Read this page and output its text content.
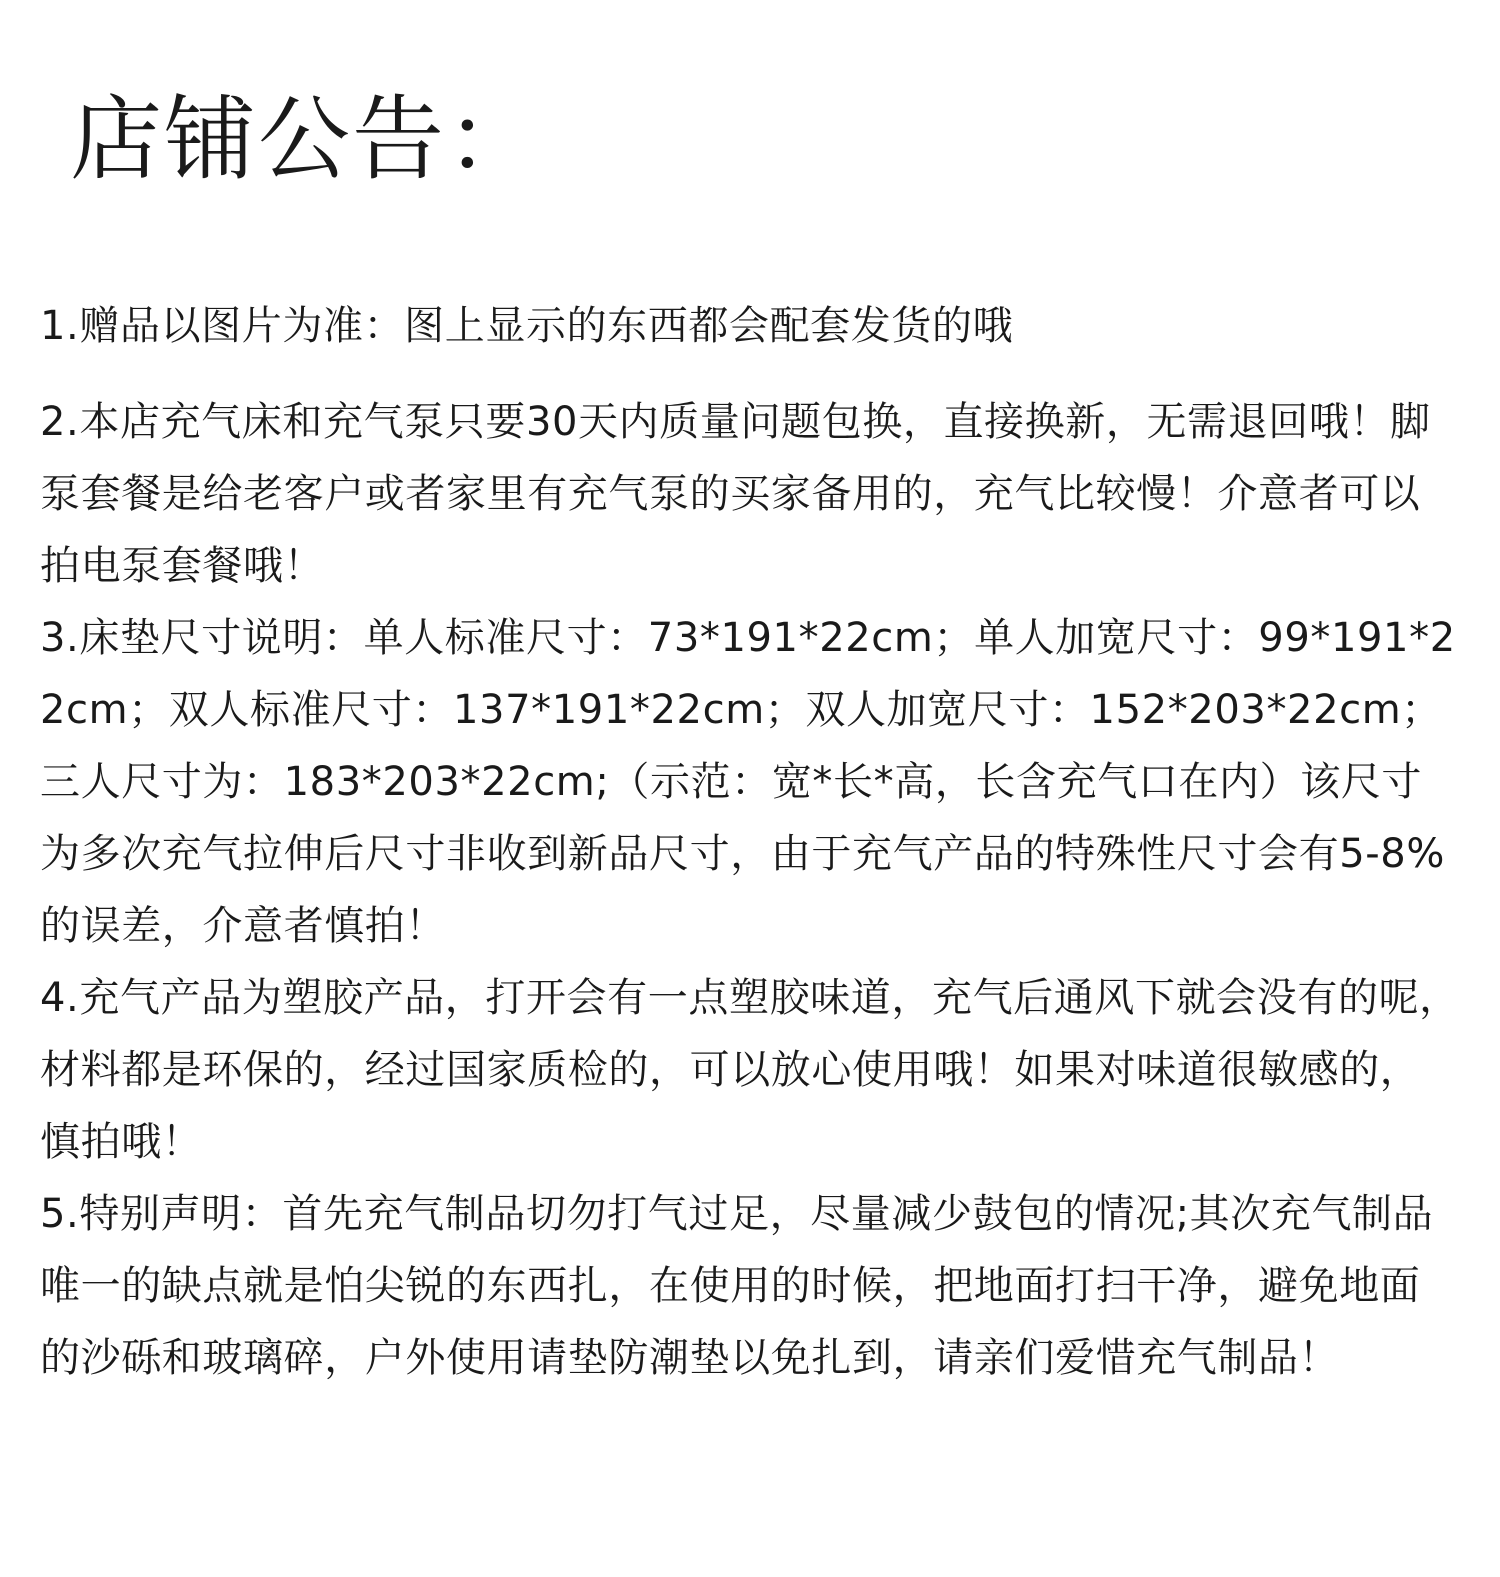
店铺公告：
1.赠品以图片为准：图上显示的东西都会配套发货的哦
2.本店充气床和充气泵只要30天内质量问题包换，直接换新，无需退回哦！脚泵套餐是给老客户或者家里有充气泵的买家备用的，充气比较慢！介意者可以拍电泵套餐哦！
3.床垫尺寸说明：单人标准尺寸：73*191*22cm；单人加宽尺寸：99*191*22cm；双人标准尺寸：137*191*22cm；双人加宽尺寸：152*203*22cm；三人尺寸为：183*203*22cm;（示范：宽*长*高，长含充气口在内）该尺寸为多次充气拉伸后尺寸非收到新品尺寸，由于充气产品的特殊性尺寸会有5-8%的误差，介意者慎拍！
4.充气产品为塑胶产品，打开会有一点塑胶味道，充气后通风下就会没有的呢，材料都是环保的，经过国家质检的，可以放心使用哦！如果对味道很敏感的，慎拍哦！
5.特别声明：首先充气制品切勿打气过足，尽量减少鼓包的情况;其次充气制品唯一的缺点就是怕尖锐的东西扎，在使用的时候，把地面打扫干净，避免地面的沙砾和玻璃碎，户外使用请垫防潮垫以免扎到，请亲们爱惜充气制品！
